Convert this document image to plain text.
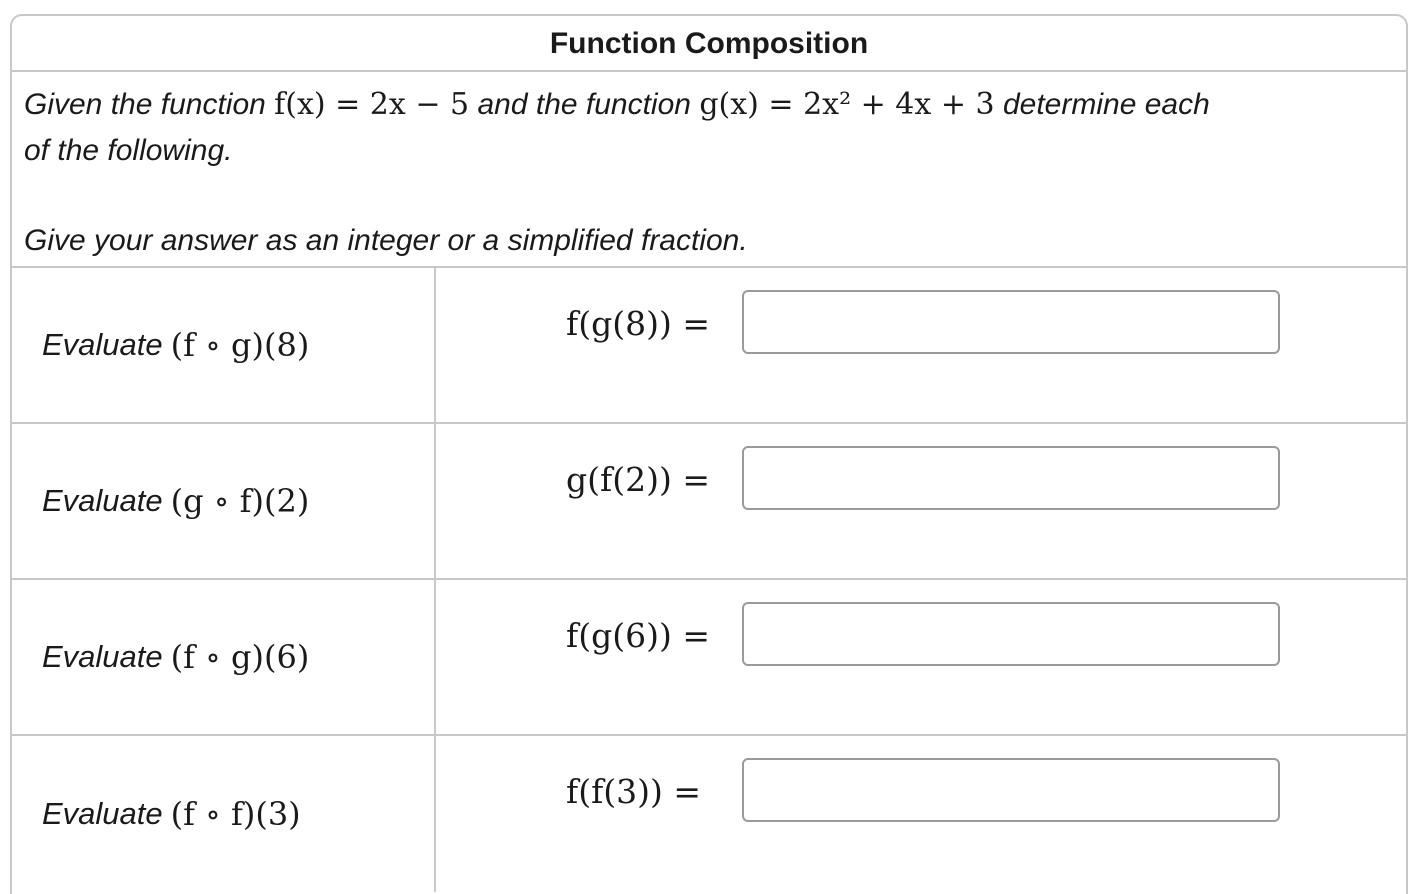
Function Composition
Given the function f(x) = 2x − 5 and the function g(x) = 2x² + 4x + 3 determine each
of the following.
Give your answer as an integer or a simplified fraction.
Evaluate (f ∘ g)(8)
f(g(8)) =
Evaluate (g ∘ f)(2)
g(f(2)) =
Evaluate (f ∘ g)(6)
f(g(6)) =
Evaluate (f ∘ f)(3)
f(f(3)) =
